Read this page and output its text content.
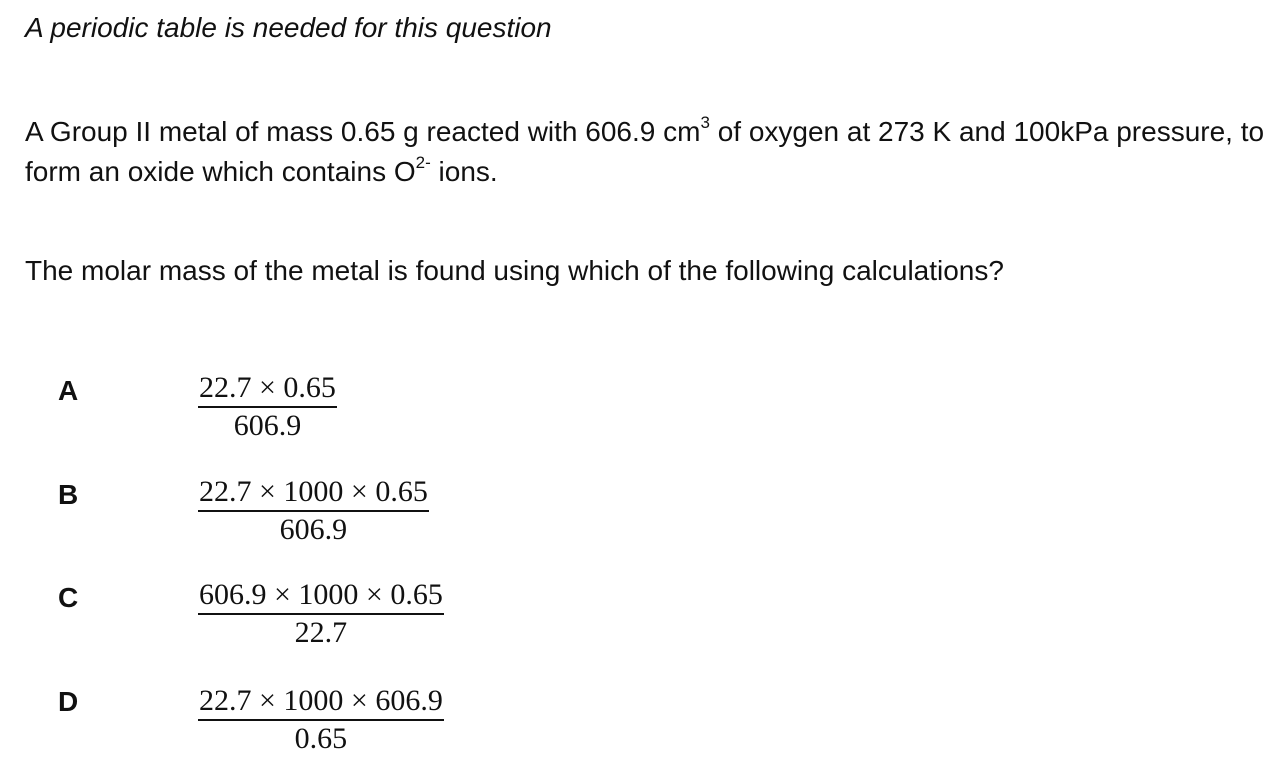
A periodic table is needed for this question
A Group II metal of mass 0.65 g reacted with 606.9 $cm^3$ of oxygen at 273 K and 100kPa pressure, to form an oxide which contains $O^{2-}$ ions.
The molar mass of the metal is found using which of the following calculations?
A	$\frac{22.7 \times 0.65}{606.9}$
B	$\frac{22.7 \times 1000 \times 0.65}{606.9}$
C	$\frac{606.9 \times 1000 \times 0.65}{22.7}$
D	$\frac{22.7 \times 1000 \times 606.9}{0.65}$
